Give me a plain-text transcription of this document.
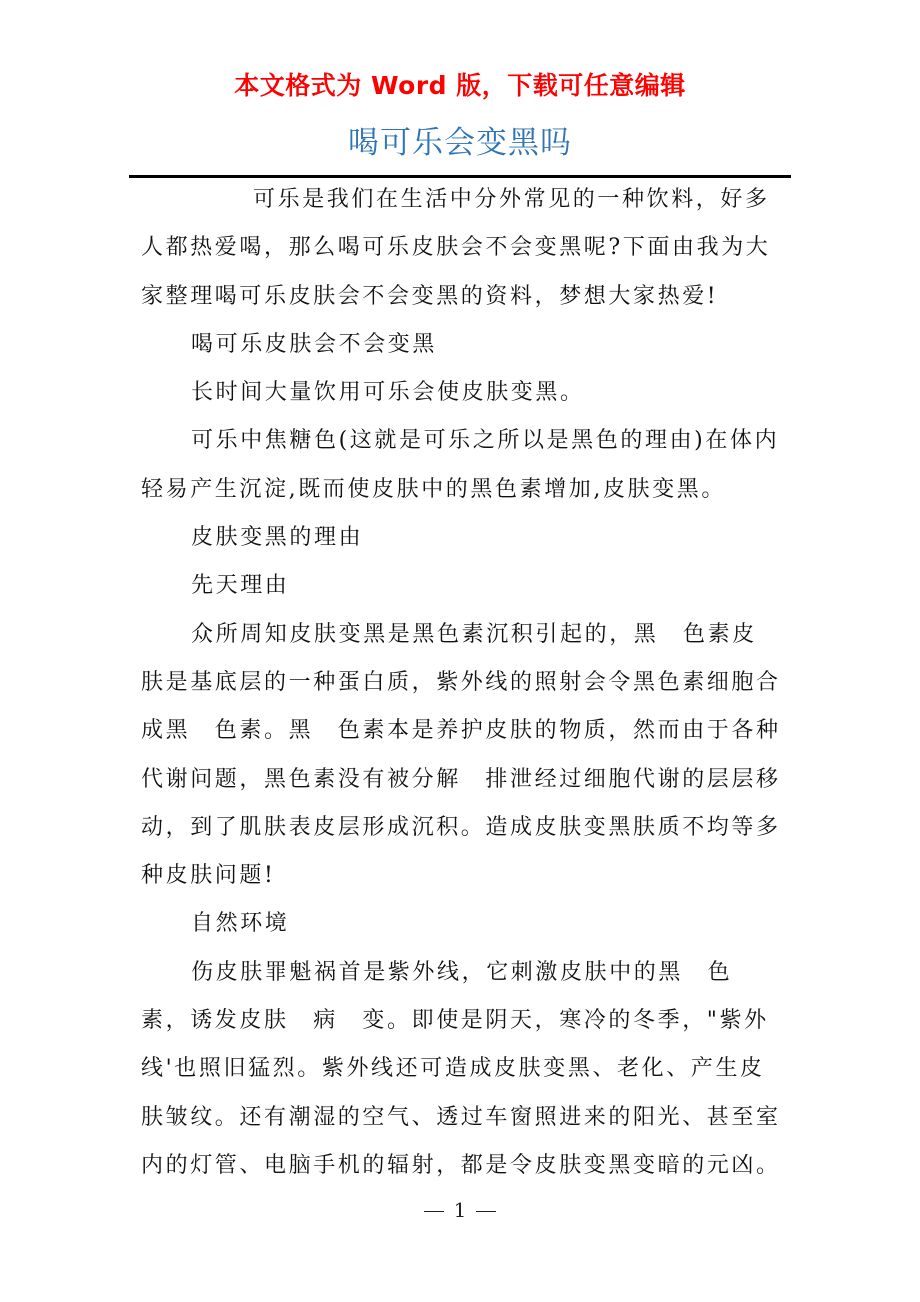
本文格式为 Word 版，下载可任意编辑
喝可乐会变黑吗

可乐是我们在生活中分外常见的一种饮料，好多人都热爱喝，那么喝可乐皮肤会不会变黑呢?下面由我为大家整理喝可乐皮肤会不会变黑的资料，梦想大家热爱!

喝可乐皮肤会不会变黑

长时间大量饮用可乐会使皮肤变黑。

可乐中焦糖色(这就是可乐之所以是黑色的理由)在体内轻易产生沉淀,既而使皮肤中的黑色素增加,皮肤变黑。

皮肤变黑的理由

先天理由

众所周知皮肤变黑是黑色素沉积引起的，黑　色素皮肤是基底层的一种蛋白质，紫外线的照射会令黑色素细胞合成黑　色素。黑　色素本是养护皮肤的物质，然而由于各种代谢问题，黑色素没有被分解　排泄经过细胞代谢的层层移动，到了肌肤表皮层形成沉积。造成皮肤变黑肤质不均等多种皮肤问题!

自然环境

伤皮肤罪魁祸首是紫外线，它刺激皮肤中的黑　色素，诱发皮肤　病　变。即使是阴天，寒冷的冬季，"紫外线'也照旧猛烈。紫外线还可造成皮肤变黑、老化、产生皮肤皱纹。还有潮湿的空气、透过车窗照进来的阳光、甚至室内的灯管、电脑手机的辐射，都是令皮肤变黑变暗的元凶。

1
